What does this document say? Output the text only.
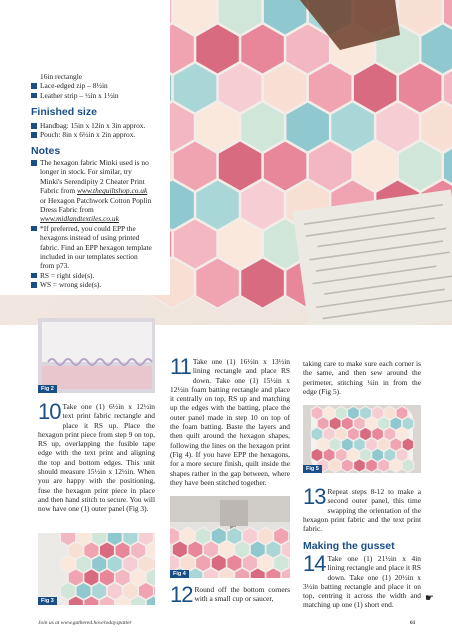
16in rectangle
Lace-edged zip – 8½in
Leather strip – ½in x 1½in
Finished size
Handbag: 15in x 12in x 3in approx.
Pouch: 8in x 6½in x 2in approx.
Notes
The hexagon fabric Minki used is no longer in stock. For similar, try Minki's Serendipity 2 Cheater Print Fabric from www.thequiltshop.co.uk or Hexagon Patchwork Cotton Poplin Dress Fabric from www.midlandtextiles.co.uk
*If preferred, you could EPP the hexagons instead of using printed fabric. Find an EPP hexagon template included in our templates section from p73.
RS = right side(s).
WS = wrong side(s).
Fig 2
10 Take one (1) 6½in x 12½in text print fabric rectangle and place it RS up. Place the hexagon print piece from step 9 on top, RS up, overlapping the fusible tape edge with the text print and aligning the top and bottom edges. This unit should measure 15½in x 12½in. When you are happy with the positioning, fuse the hexagon print piece in place and then hand stitch to secure. You will now have one (1) outer panel (Fig 3).
Fig 3
11 Take one (1) 16½in x 13½in lining rectangle and place RS down. Take one (1) 15½in x 12½in foam batting rectangle and place it centrally on top, RS up and matching up the edges with the batting, place the outer panel made in step 10 on top of the foam batting. Baste the layers and then quilt around the hexagon shapes, following the lines on the hexagon print (Fig 4). If you have EPP the hexagons, for a more secure finish, quilt inside the shapes rather in the gap between, where they have been stitched together.
Fig 4
12 Round off the bottom corners with a small cup or saucer,
taking care to make sure each corner is the same, and then sew around the perimeter, stitching ¼in in from the edge (Fig 5).
Fig 5
13 Repeat steps 8-12 to make a second outer panel, this time swapping the orientation of the hexagon print fabric and the text print fabric.
Making the gusset
14 Take one (1) 21½in x 4in lining rectangle and place it RS down. Take one (1) 20½in x 3½in batting rectangle and place it on top, centring it across the width and matching up one (1) short end.
☛
Join us at www.gathered.how/todayspatter	61
